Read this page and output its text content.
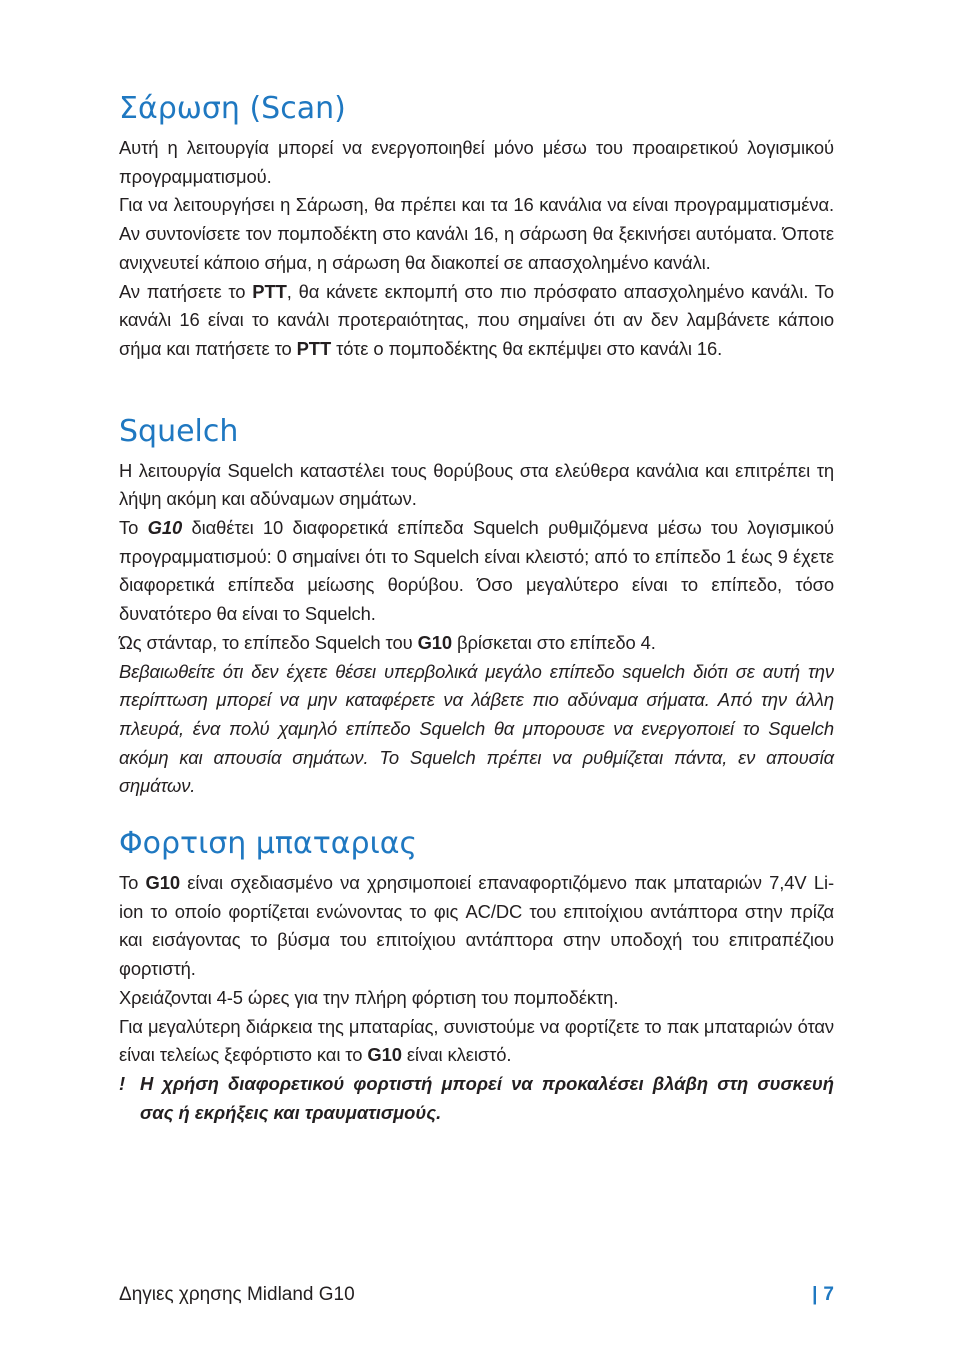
Σάρωση (Scan)

Αυτή η λειτουργία μπορεί να ενεργοποιηθεί μόνο μέσω του προαιρετικού λογισμικού προγραμματισμού.

Για να λειτουργήσει η Σάρωση, θα πρέπει και τα 16 κανάλια να είναι προγραμματισμένα. Αν συντονίσετε τον πομποδέκτη στο κανάλι 16, η σάρωση θα ξεκινήσει αυτόματα. Όποτε ανιχνευτεί κάποιο σήμα, η σάρωση θα διακοπεί σε απασχολημένο κανάλι.

Αν πατήσετε το PTT, θα κάνετε εκπομπή στο πιο πρόσφατο απασχολημένο κανάλι. Το κανάλι 16 είναι το κανάλι προτεραιότητας, που σημαίνει ότι αν δεν λαμβάνετε κάποιο σήμα και πατήσετε το PTT τότε ο πομποδέκτης θα εκπέμψει στο κανάλι 16.

Squelch

Η λειτουργία Squelch καταστέλει τους θορύβους στα ελεύθερα κανάλια και επιτρέπει τη λήψη ακόμη και αδύναμων σημάτων.

Το G10 διαθέτει 10 διαφορετικά επίπεδα Squelch ρυθμιζόμενα μέσω του λογισμικού προγραμματισμού: 0 σημαίνει ότι το Squelch είναι κλειστό; από το επίπεδο 1 έως 9 έχετε διαφορετικά επίπεδα μείωσης θορύβου. Όσο μεγαλύτερο είναι το επίπεδο, τόσο δυνατότερο θα είναι το Squelch.

Ώς στάνταρ, το επίπεδο Squelch του G10 βρίσκεται στο επίπεδο 4.

Βεβαιωθείτε ότι δεν έχετε θέσει υπερβολικά μεγάλο επίπεδο squelch διότι σε αυτή την περίπτωση μπορεί να μην καταφέρετε να λάβετε πιο αδύναμα σήματα. Από την άλλη πλευρά, ένα πολύ χαμηλό επίπεδο Squelch θα μπορουσε να ενεργοποιεί το Squelch ακόμη και απουσία σημάτων. Το Squelch πρέπει να ρυθμίζεται πάντα, εν απουσία σημάτων.

Φορτιση μπαταριας

Το G10 είναι σχεδιασμένο να χρησιμοποιεί επαναφορτιζόμενο πακ μπαταριών 7,4V Li-ion το οποίο φορτίζεται ενώνοντας το φις AC/DC του επιτοίχιου αντάπτορα στην πρίζα και εισάγοντας το βύσμα του επιτοίχιου αντάπτορα στην υποδοχή του επιτραπέζιου φορτιστή.

Χρειάζονται 4-5 ώρες για την πλήρη φόρτιση του πομποδέκτη.

Για μεγαλύτερη διάρκεια της μπαταρίας, συνιστούμε να φορτίζετε το πακ μπαταριών όταν είναι τελείως ξεφόρτιστο και το G10 είναι κλειστό.

! Η χρήση διαφορετικού φορτιστή μπορεί να προκαλέσει βλάβη στη συσκευή σας ή εκρήξεις και τραυματισμούς.
Δηγιες χρησης Midland G10	| 7
